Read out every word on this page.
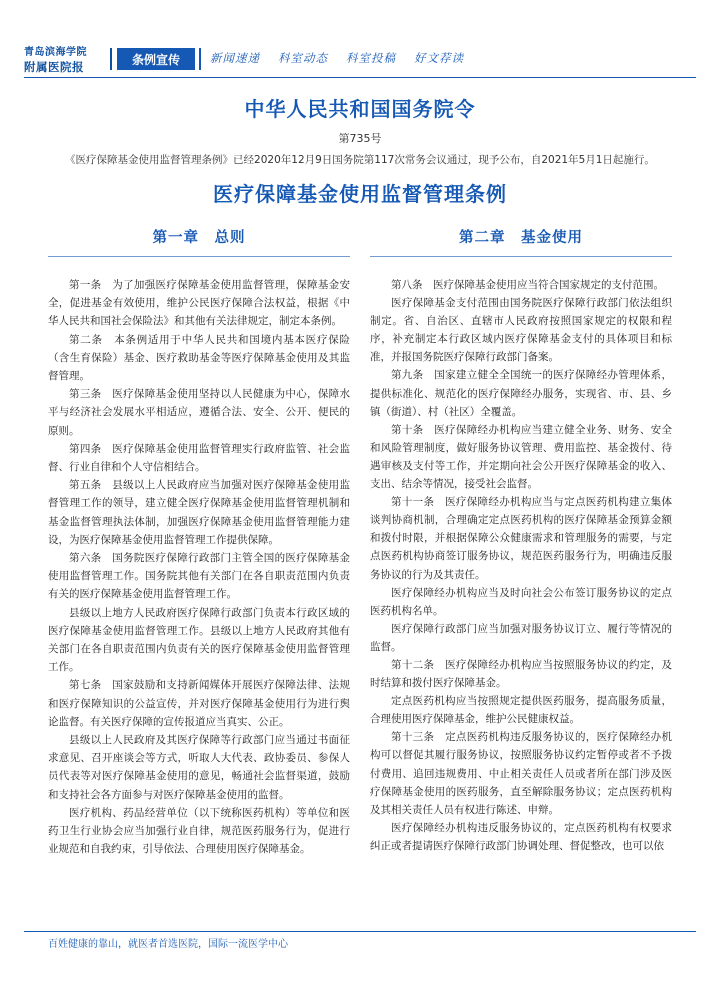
青岛滨海学院
附属医院报
条例宣传	新闻速递 科室动态 科室投稿 好文荐读
中华人民共和国国务院令
第735号
《医疗保障基金使用监督管理条例》已经2020年12月9日国务院第117次常务会议通过，现予公布，自2021年5月1日起施行。
医疗保障基金使用监督管理条例
第一章　总则

第一条　为了加强医疗保障基金使用监督管理，保障基金安全，促进基金有效使用，维护公民医疗保障合法权益，根据《中华人民共和国社会保险法》和其他有关法律规定，制定本条例。

第二条　本条例适用于中华人民共和国境内基本医疗保险（含生育保险）基金、医疗救助基金等医疗保障基金使用及其监督管理。

第三条　医疗保障基金使用坚持以人民健康为中心，保障水平与经济社会发展水平相适应，遵循合法、安全、公开、便民的原则。

第四条　医疗保障基金使用监督管理实行政府监管、社会监督、行业自律和个人守信相结合。

第五条　县级以上人民政府应当加强对医疗保障基金使用监督管理工作的领导，建立健全医疗保障基金使用监督管理机制和基金监督管理执法体制，加强医疗保障基金使用监督管理能力建设，为医疗保障基金使用监督管理工作提供保障。

第六条　国务院医疗保障行政部门主管全国的医疗保障基金使用监督管理工作。国务院其他有关部门在各自职责范围内负责有关的医疗保障基金使用监督管理工作。

县级以上地方人民政府医疗保障行政部门负责本行政区域的医疗保障基金使用监督管理工作。县级以上地方人民政府其他有关部门在各自职责范围内负责有关的医疗保障基金使用监督管理工作。

第七条　国家鼓励和支持新闻媒体开展医疗保障法律、法规和医疗保障知识的公益宣传，并对医疗保障基金使用行为进行舆论监督。有关医疗保障的宣传报道应当真实、公正。

县级以上人民政府及其医疗保障等行政部门应当通过书面征求意见、召开座谈会等方式，听取人大代表、政协委员、参保人员代表等对医疗保障基金使用的意见，畅通社会监督渠道，鼓励和支持社会各方面参与对医疗保障基金使用的监督。

医疗机构、药品经营单位（以下统称医药机构）等单位和医药卫生行业协会应当加强行业自律，规范医药服务行为，促进行业规范和自我约束，引导依法、合理使用医疗保障基金。

第二章　基金使用

第八条　医疗保障基金使用应当符合国家规定的支付范围。

医疗保障基金支付范围由国务院医疗保障行政部门依法组织制定。省、自治区、直辖市人民政府按照国家规定的权限和程序，补充制定本行政区域内医疗保障基金支付的具体项目和标准，并报国务院医疗保障行政部门备案。

第九条　国家建立健全全国统一的医疗保障经办管理体系，提供标准化、规范化的医疗保障经办服务，实现省、市、县、乡镇（街道）、村（社区）全覆盖。

第十条　医疗保障经办机构应当建立健全业务、财务、安全和风险管理制度，做好服务协议管理、费用监控、基金拨付、待遇审核及支付等工作，并定期向社会公开医疗保障基金的收入、支出、结余等情况，接受社会监督。

第十一条　医疗保障经办机构应当与定点医药机构建立集体谈判协商机制，合理确定定点医药机构的医疗保障基金预算金额和拨付时限，并根据保障公众健康需求和管理服务的需要，与定点医药机构协商签订服务协议，规范医药服务行为，明确违反服务协议的行为及其责任。

医疗保障经办机构应当及时向社会公布签订服务协议的定点医药机构名单。

医疗保障行政部门应当加强对服务协议订立、履行等情况的监督。

第十二条　医疗保障经办机构应当按照服务协议的约定，及时结算和拨付医疗保障基金。

定点医药机构应当按照规定提供医药服务，提高服务质量，合理使用医疗保障基金，维护公民健康权益。

第十三条　定点医药机构违反服务协议的，医疗保障经办机构可以督促其履行服务协议，按照服务协议约定暂停或者不予拨付费用、追回违规费用、中止相关责任人员或者所在部门涉及医疗保障基金使用的医药服务，直至解除服务协议；定点医药机构及其相关责任人员有权进行陈述、申辩。

医疗保障经办机构违反服务协议的，定点医药机构有权要求纠正或者提请医疗保障行政部门协调处理、督促整改，也可以依

百姓健康的靠山，就医者首选医院，国际一流医学中心
